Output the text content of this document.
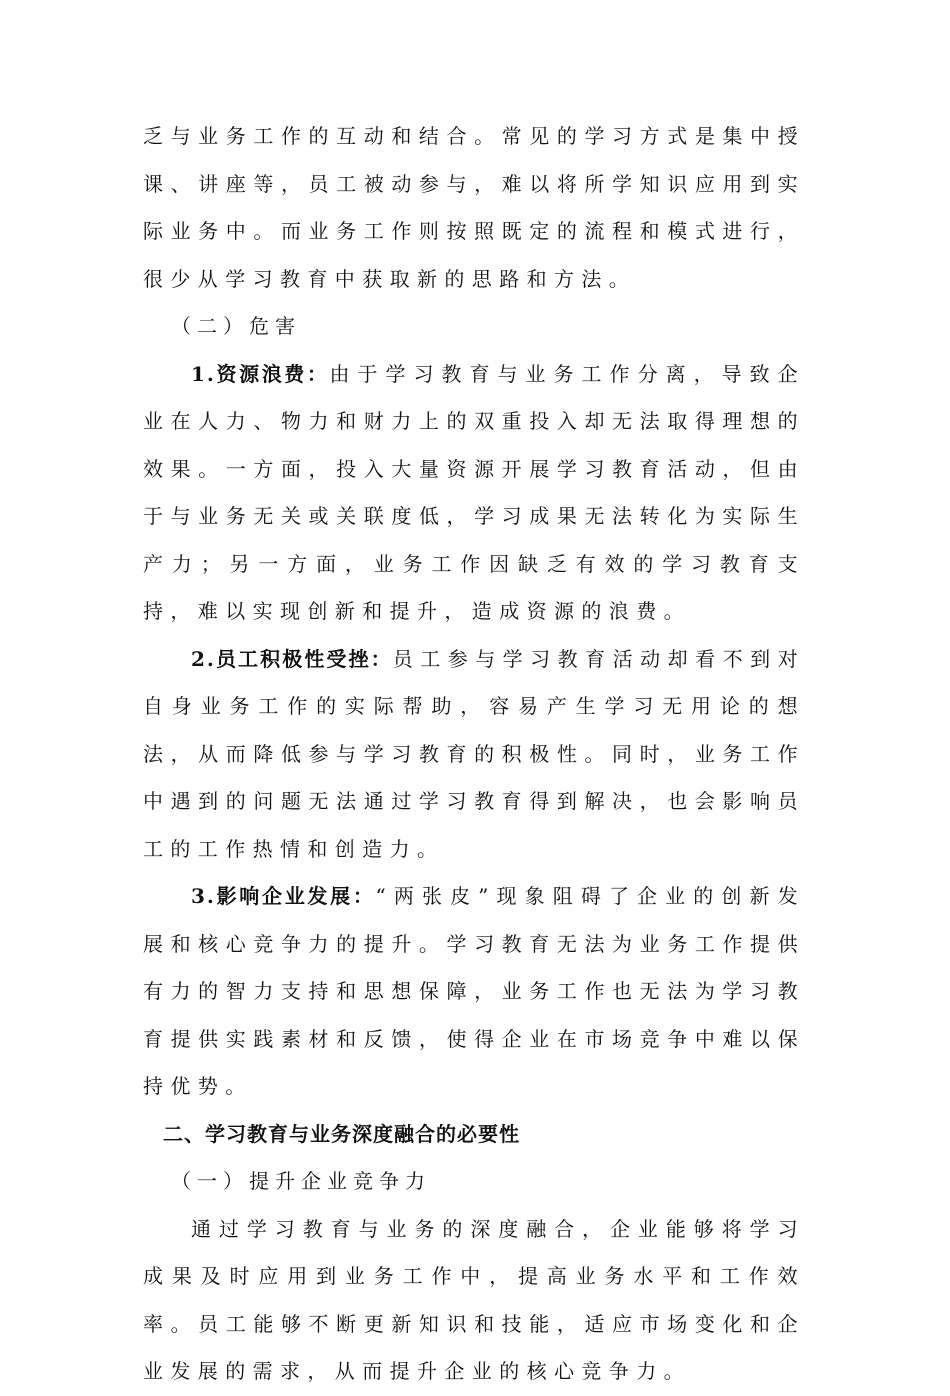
乏与业务工作的互动和结合。常见的学习方式是集中授课、讲座等，员工被动参与，难以将所学知识应用到实际业务中。而业务工作则按照既定的流程和模式进行，很少从学习教育中获取新的思路和方法。

（二）危害

1.资源浪费：由于学习教育与业务工作分离，导致企业在人力、物力和财力上的双重投入却无法取得理想的效果。一方面，投入大量资源开展学习教育活动，但由于与业务无关或关联度低，学习成果无法转化为实际生产力；另一方面，业务工作因缺乏有效的学习教育支持，难以实现创新和提升，造成资源的浪费。

2.员工积极性受挫：员工参与学习教育活动却看不到对自身业务工作的实际帮助，容易产生学习无用论的想法，从而降低参与学习教育的积极性。同时，业务工作中遇到的问题无法通过学习教育得到解决，也会影响员工的工作热情和创造力。

3.影响企业发展：“两张皮”现象阻碍了企业的创新发展和核心竞争力的提升。学习教育无法为业务工作提供有力的智力支持和思想保障，业务工作也无法为学习教育提供实践素材和反馈，使得企业在市场竞争中难以保持优势。

二、学习教育与业务深度融合的必要性

（一）提升企业竞争力

通过学习教育与业务的深度融合，企业能够将学习成果及时应用到业务工作中，提高业务水平和工作效率。员工能够不断更新知识和技能，适应市场变化和企业发展的需求，从而提升企业的核心竞争力。
